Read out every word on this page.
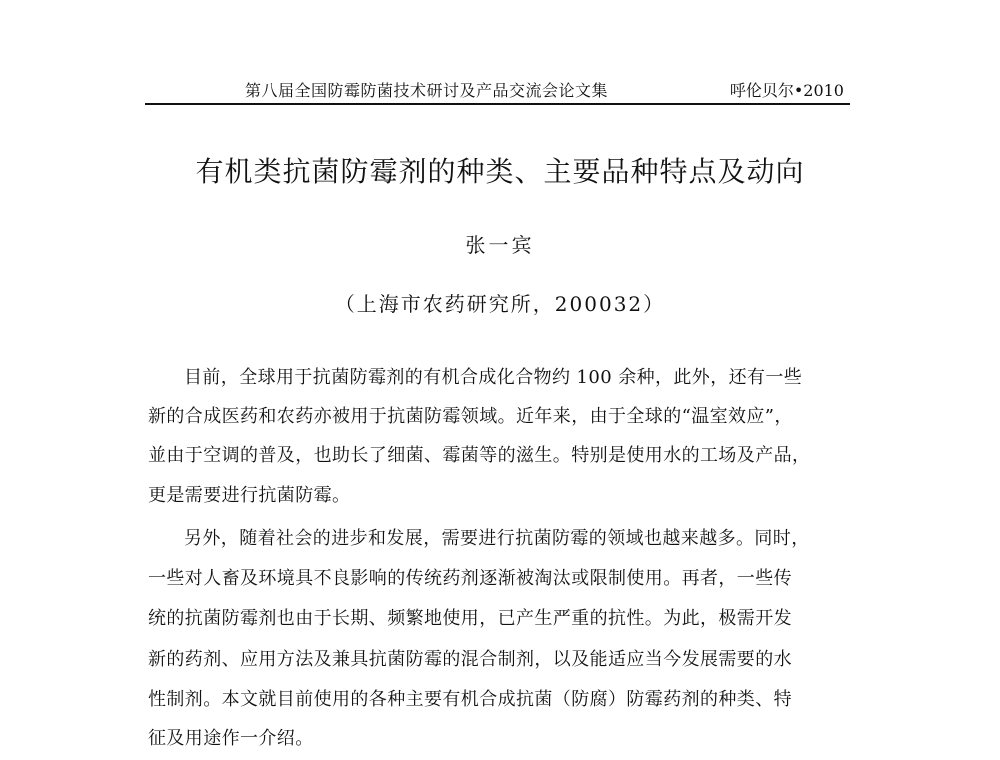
第八届全国防霉防菌技术研讨及产品交流会论文集	呼伦贝尔•2010
有机类抗菌防霉剂的种类、主要品种特点及动向
张一宾
（上海市农药研究所，200032）
目前，全球用于抗菌防霉剂的有机合成化合物约 100 余种，此外，还有一些
新的合成医药和农药亦被用于抗菌防霉领域。近年来，由于全球的“温室效应”，
並由于空调的普及，也助长了细菌、霉菌等的滋生。特别是使用水的工场及产品，
更是需要进行抗菌防霉。
另外，随着社会的进步和发展，需要进行抗菌防霉的领域也越来越多。同时，
一些对人畜及环境具不良影响的传统药剂逐渐被淘汰或限制使用。再者，一些传
统的抗菌防霉剂也由于长期、频繁地使用，已产生严重的抗性。为此，极需开发
新的药剂、应用方法及兼具抗菌防霉的混合制剂，以及能适应当今发展需要的水
性制剂。本文就目前使用的各种主要有机合成抗菌（防腐）防霉药剂的种类、特
征及用途作一介绍。
